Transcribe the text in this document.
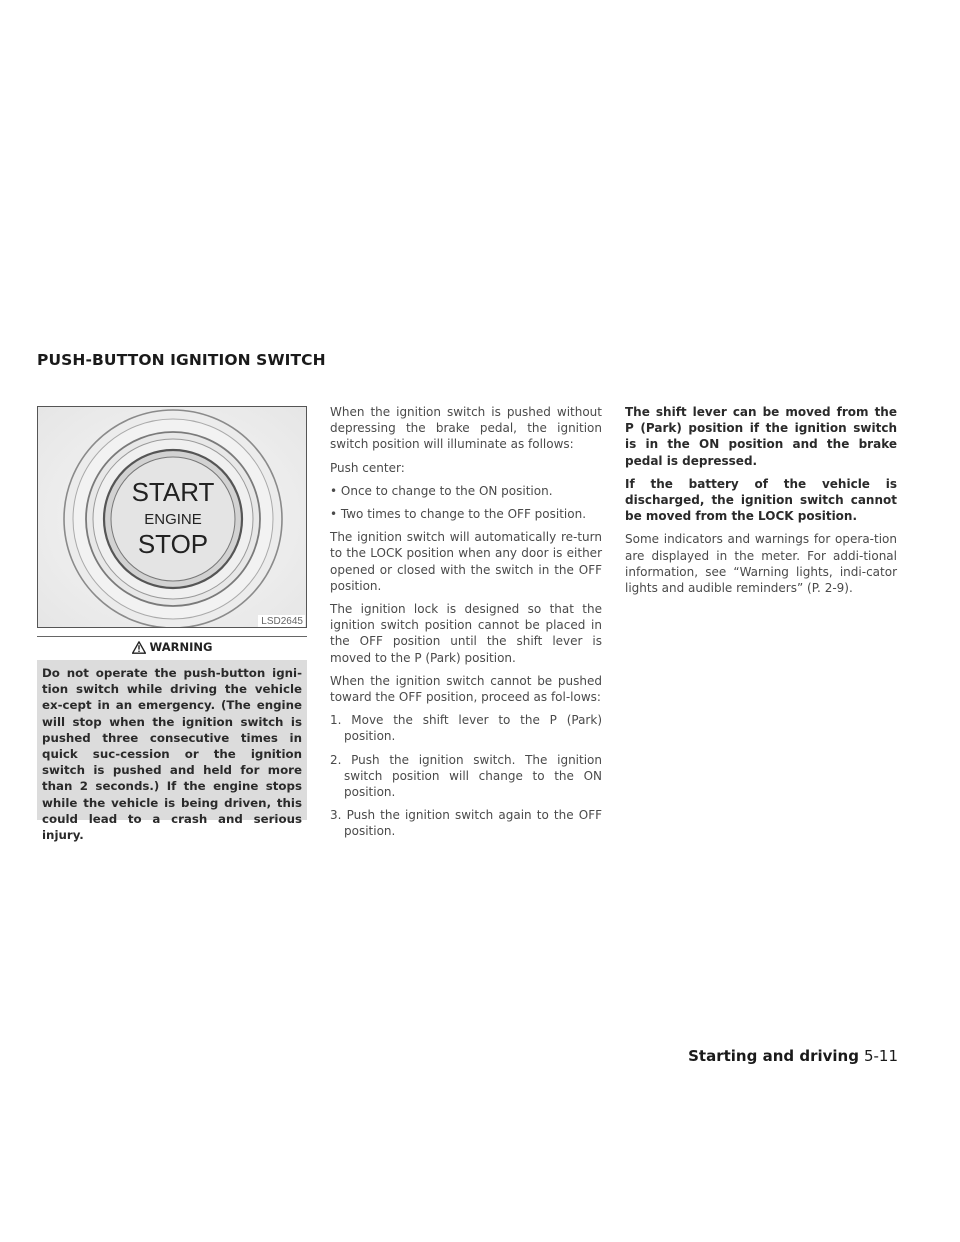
PUSH-BUTTON IGNITION SWITCH
START
ENGINE
STOP
LSD2645
WARNING

Do not operate the push-button igni-tion switch while driving the vehicle ex-cept in an emergency. (The engine will stop when the ignition switch is pushed three consecutive times in quick suc-cession or the ignition switch is pushed and held for more than 2 seconds.) If the engine stops while the vehicle is being driven, this could lead to a crash and serious injury.

When the ignition switch is pushed without depressing the brake pedal, the ignition switch position will illuminate as follows:

Push center:

• Once to change to the ON position.

• Two times to change to the OFF position.

The ignition switch will automatically re-turn to the LOCK position when any door is either opened or closed with the switch in the OFF position.

The ignition lock is designed so that the ignition switch position cannot be placed in the OFF position until the shift lever is moved to the P (Park) position.

When the ignition switch cannot be pushed toward the OFF position, proceed as fol-lows:

1. Move the shift lever to the P (Park) position.

2. Push the ignition switch. The ignition switch position will change to the ON position.

3. Push the ignition switch again to the OFF position.

The shift lever can be moved from the P (Park) position if the ignition switch is in the ON position and the brake pedal is depressed.

If the battery of the vehicle is discharged, the ignition switch cannot be moved from the LOCK position.

Some indicators and warnings for opera-tion are displayed in the meter. For addi-tional information, see “Warning lights, indi-cator lights and audible reminders” (P. 2-9).

Starting and driving 5-11
